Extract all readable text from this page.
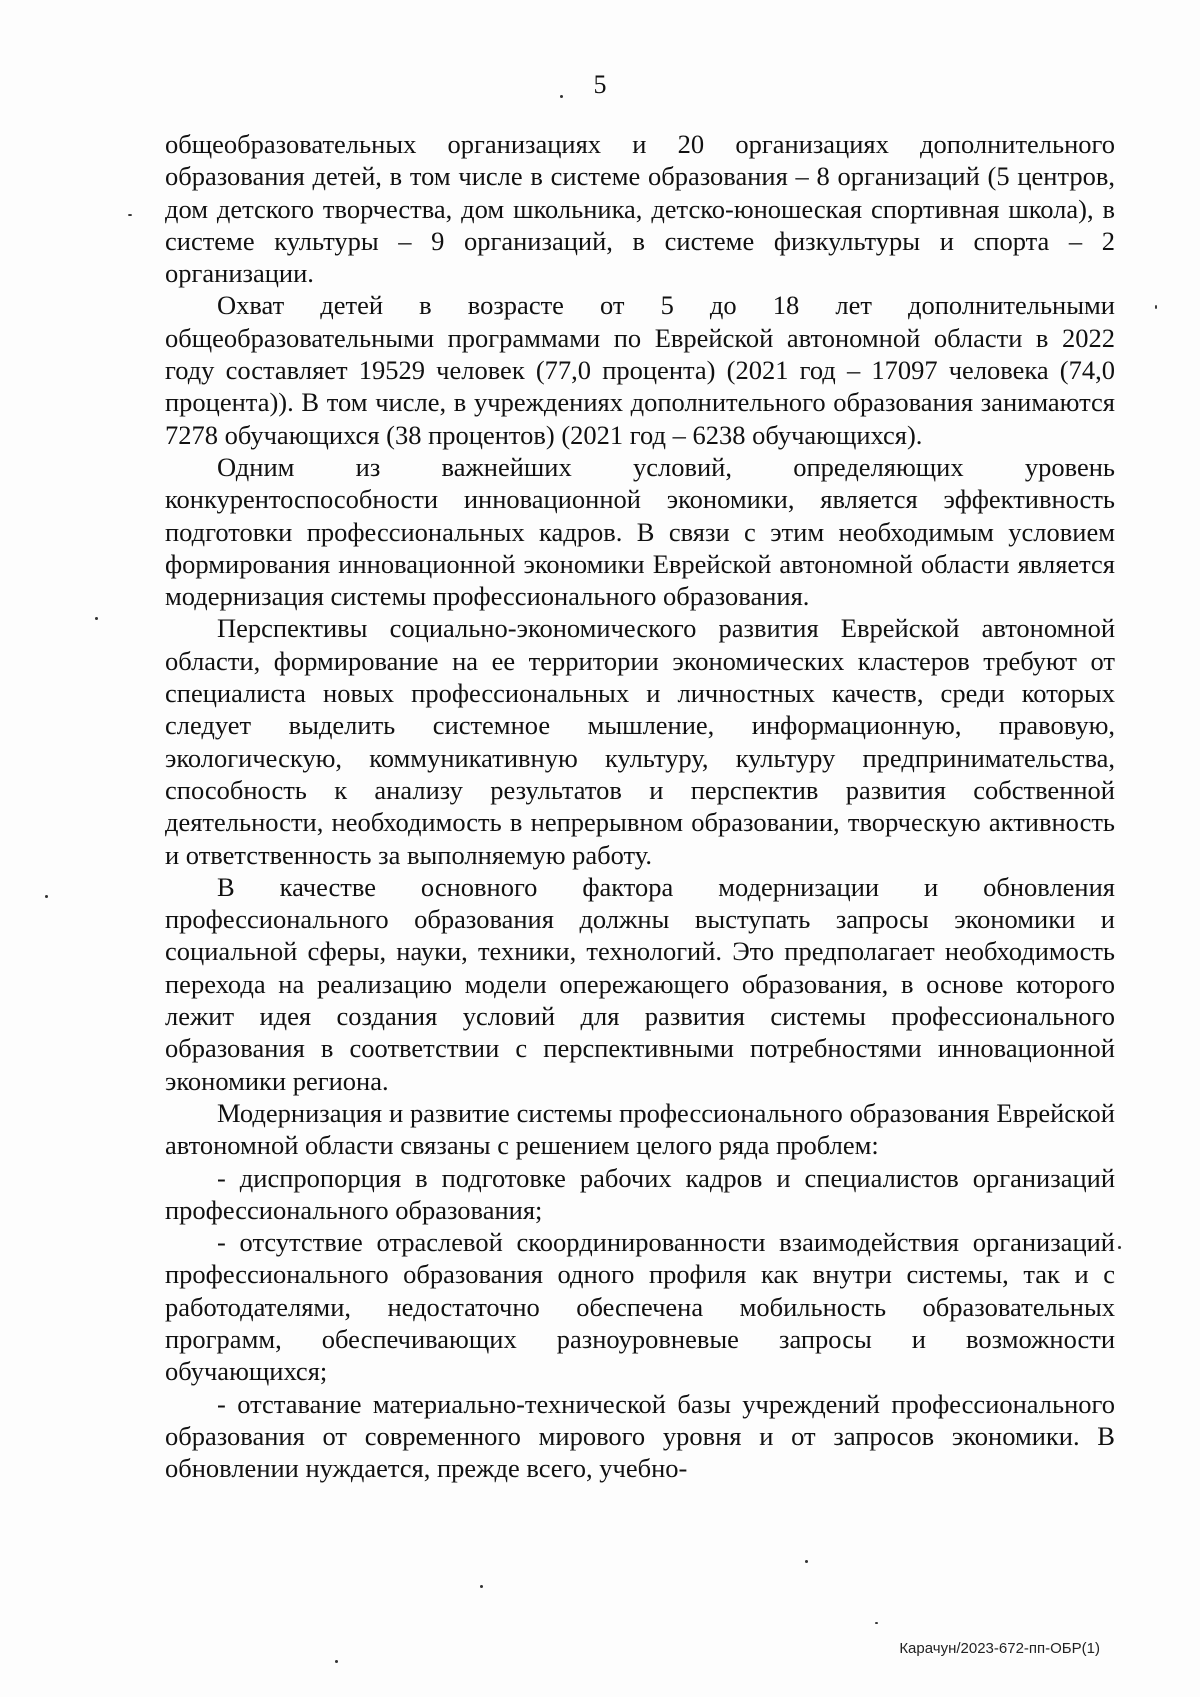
5

общеобразовательных организациях и 20 организациях дополнительного образования детей, в том числе в системе образования – 8 организаций (5 центров, дом детского творчества, дом школьника, детско-юношеская спортивная школа), в системе культуры – 9 организаций, в системе физкультуры и спорта – 2 организации.

Охват детей в возрасте от 5 до 18 лет дополнительными общеобразовательными программами по Еврейской автономной области в 2022 году составляет 19529 человек (77,0 процента) (2021 год – 17097 человека (74,0 процента)). В том числе, в учреждениях дополнительного образования занимаются 7278 обучающихся (38 процентов) (2021 год – 6238 обучающихся).

Одним из важнейших условий, определяющих уровень конкурентоспособности инновационной экономики, является эффективность подготовки профессиональных кадров. В связи с этим необходимым условием формирования инновационной экономики Еврейской автономной области является модернизация системы профессионального образования.

Перспективы социально-экономического развития Еврейской автономной области, формирование на ее территории экономических кластеров требуют от специалиста новых профессиональных и личностных качеств, среди которых следует выделить системное мышление, информационную, правовую, экологическую, коммуникативную культуру, культуру предпринимательства, способность к анализу результатов и перспектив развития собственной деятельности, необходимость в непрерывном образовании, творческую активность и ответственность за выполняемую работу.

В качестве основного фактора модернизации и обновления профессионального образования должны выступать запросы экономики и социальной сферы, науки, техники, технологий. Это предполагает необходимость перехода на реализацию модели опережающего образования, в основе которого лежит идея создания условий для развития системы профессионального образования в соответствии с перспективными потребностями инновационной экономики региона.

Модернизация и развитие системы профессионального образования Еврейской автономной области связаны с решением целого ряда проблем:

- диспропорция в подготовке рабочих кадров и специалистов организаций профессионального образования;

- отсутствие отраслевой скоординированности взаимодействия организаций профессионального образования одного профиля как внутри системы, так и с работодателями, недостаточно обеспечена мобильность образовательных программ, обеспечивающих разноуровневые запросы и возможности обучающихся;

- отставание материально-технической базы учреждений профессионального образования от современного мирового уровня и от запросов экономики. В обновлении нуждается, прежде всего, учебно-

Карачун/2023-672-пп-ОБР(1)
